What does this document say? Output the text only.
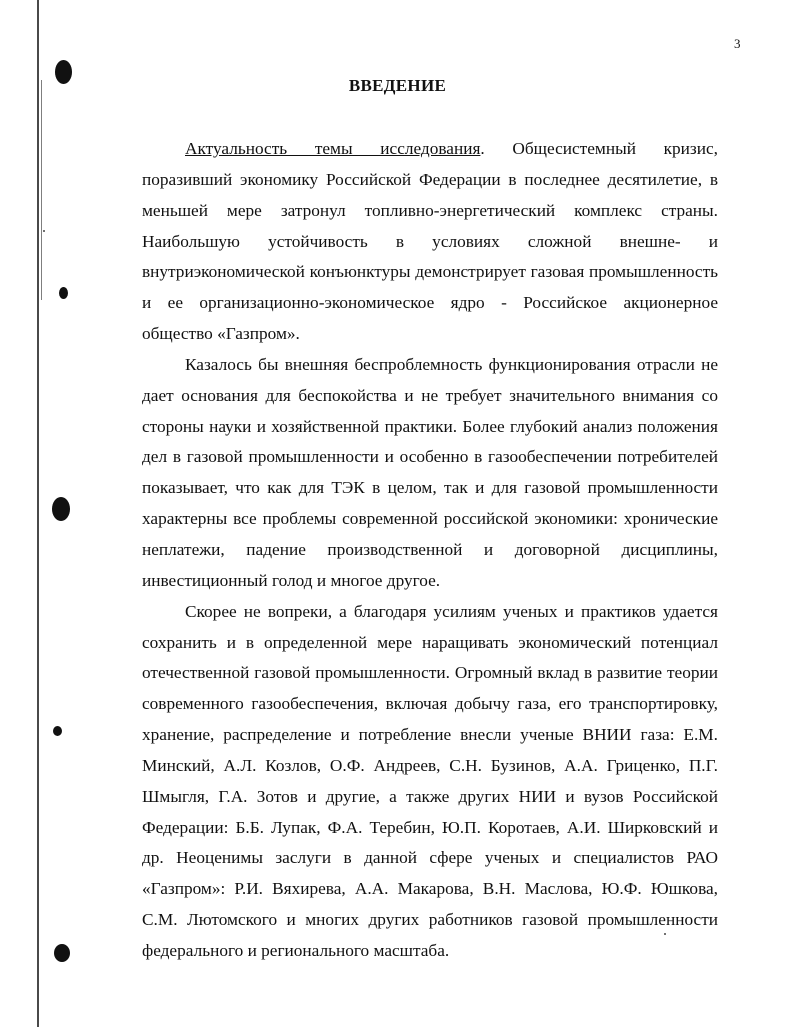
3
ВВЕДЕНИЕ

Актуальность темы исследования. Общесистемный кризис, поразивший экономику Российской Федерации в последнее десятилетие, в меньшей мере затронул топливно-энергетический комплекс страны. Наибольшую устойчивость в условиях сложной внешне- и внутриэкономической конъюнктуры демонстрирует газовая промышленность и ее организационно-экономическое ядро - Российское акционерное общество «Газпром».

Казалось бы внешняя беспроблемность функционирования отрасли не дает основания для беспокойства и не требует значительного внимания со стороны науки и хозяйственной практики. Более глубокий анализ положения дел в газовой промышленности и особенно в газообеспечении потребителей показывает, что как для ТЭК в целом, так и для газовой промышленности характерны все проблемы современной российской экономики: хронические неплатежи, падение производственной и договорной дисциплины, инвестиционный голод и многое другое.

Скорее не вопреки, а благодаря усилиям ученых и практиков удается сохранить и в определенной мере наращивать экономический потенциал отечественной газовой промышленности. Огромный вклад в развитие теории современного газообеспечения, включая добычу газа, его транспортировку, хранение, распределение и потребление внесли ученые ВНИИ газа: Е.М. Минский, А.Л. Козлов, О.Ф. Андреев, С.Н. Бузинов, А.А. Гриценко, П.Г. Шмыгля, Г.А. Зотов и другие, а также других НИИ и вузов Российской Федерации: Б.Б. Лупак, Ф.А. Теребин, Ю.П. Коротаев, А.И. Ширковский и др. Неоценимы заслуги в данной сфере ученых и специалистов РАО «Газпром»: Р.И. Вяхирева, А.А. Макарова, В.Н. Маслова, Ю.Ф. Юшкова, С.М. Лютомского и многих других работников газовой промышленности федерального и регионального масштаба.
